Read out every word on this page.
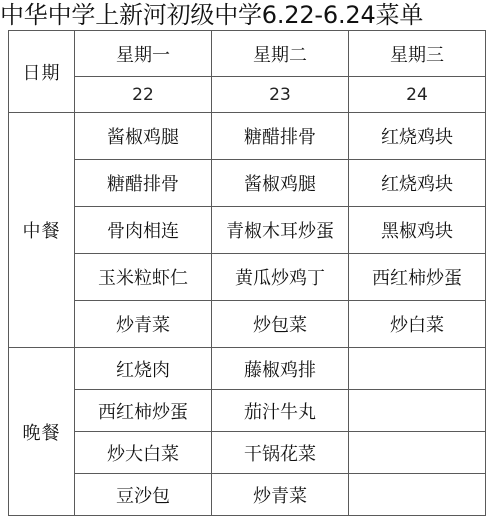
中华中学上新河初级中学6.22-6.24菜单
日期	星期一	星期二	星期三
	22	23	24
中餐	酱椒鸡腿	糖醋排骨	红烧鸡块
	糖醋排骨	酱椒鸡腿	红烧鸡块
	骨肉相连	青椒木耳炒蛋	黑椒鸡块
	玉米粒虾仁	黄瓜炒鸡丁	西红柿炒蛋
	炒青菜	炒包菜	炒白菜
晚餐	红烧肉	藤椒鸡排	
	西红柿炒蛋	茄汁牛丸	
	炒大白菜	干锅花菜	
	豆沙包	炒青菜	
